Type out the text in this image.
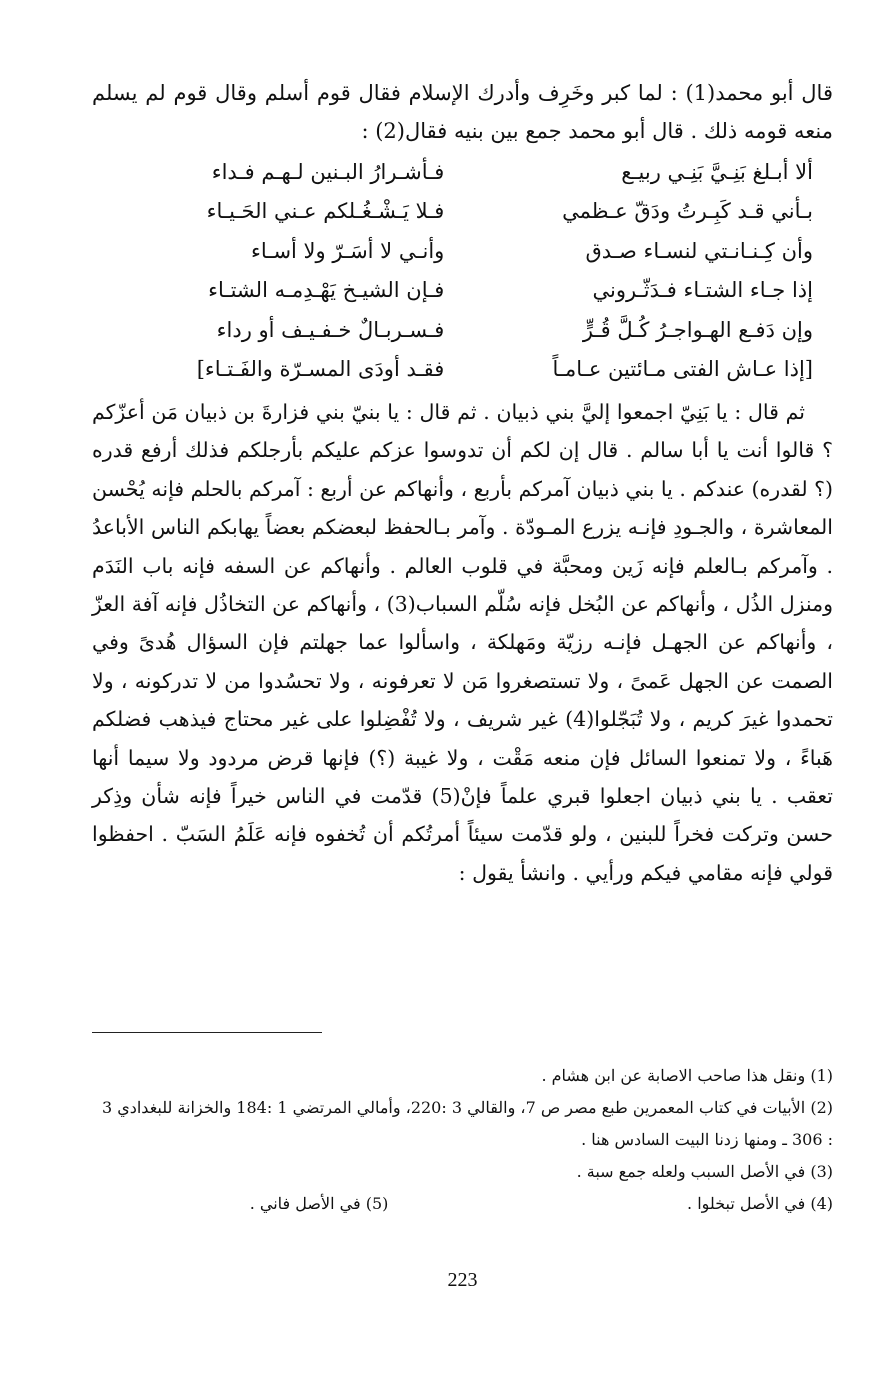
قال أبو محمد(1) : لما كبر وخَرِف وأدرك الإسلام فقال قوم أسلم وقال قوم لم يسلم منعه قومه ذلك . قال أبو محمد جمع بين بنيه فقال(2) :

ألا أبـلغ بَنِـيَّ بَنِـي ربيـع
فـأشـرارُ البـنين لـهـم فـداء
بـأني قـد كَبِـرتُ ودَقّ عـظمي
فـلا يَـشْـغُـلكم عـني الحَـيـاء
وأن كِـنـانـتي لنسـاء صـدق
وأنـي لا أسَـرّ ولا أسـاء
إذا جـاء الشتـاء فـدَثّـروني
فـإن الشيـخ يَهْـدِمـه الشتـاء
وإن دَفـع الهـواجـرُ كُـلَّ قُـرٍّ
فـسـربـالٌ خـفـيـف أو رداء
[إذا عـاش الفتى مـائتين عـامـاً
فقـد أودَى المسـرّة والفَـتـاء]

ثم قال : يا بَنِيّ اجمعوا إليَّ بني ذبيان . ثم قال : يا بنيّ بني فزارةَ بن ذبيان مَن أعزّكم ؟ قالوا أنت يا أبا سالم . قال إن لكم أن تدوسوا عزكم عليكم بأرجلكم فذلك أرفع قدره (؟ لقدره) عندكم . يا بني ذبيان آمركم بأربع ، وأنهاكم عن أربع : آمركم بالحلم فإنه يُحْسن المعاشرة ، والجـودِ فإنـه يزرع المـودّة . وآمر بـالحفظ لبعضكم بعضاً يهابكم الناس الأباعدُ . وآمركم بـالعلم فإنه زَين ومحبَّة في قلوب العالم . وأنهاكم عن السفه فإنه باب النَدَم ومنزل الذُل ، وأنهاكم عن البُخل فإنه سُلّم السباب(3) ، وأنهاكم عن التخاذُل فإنه آفة العزّ ، وأنهاكم عن الجهـل فإنـه رزيّة ومَهلكة ، واسألوا عما جهلتم فإن السؤال هُدىً وفي الصمت عن الجهل عَمىً ، ولا تستصغروا مَن لا تعرفونه ، ولا تحسُدوا من لا تدركونه ، ولا تحمدوا غيرَ كريم ، ولا تُبَجّلوا(4) غير شريف ، ولا تُفْضِلوا على غير محتاج فيذهب فضلكم هَباءً ، ولا تمنعوا السائل فإن منعه مَقْت ، ولا غيبة (؟) فإنها قرض مردود ولا سيما أنها تعقب . يا بني ذبيان اجعلوا قبري علماً فإنْ(5) قدّمت في الناس خيراً فإنه شأن وذِكر حسن وتركت فخراً للبنين ، ولو قدّمت سيئاً أمرتُكم أن تُخفوه فإنه عَلَمُ السَبّ . احفظوا قولي فإنه مقامي فيكم ورأيي . وانشأ يقول :

(1) ونقل هذا صاحب الاصابة عن ابن هشام .

(2) الأبيات في كتاب المعمرين طبع مصر ص 7، والقالي 3 :220، وأمالي المرتضي 1 :184 والخزانة للبغدادي 3 : 306 ـ ومنها زدنا البيت السادس هنا .

(3) في الأصل السبب ولعله جمع سبة .

(4) في الأصل تبخلوا .
(5) في الأصل فاني .
223
